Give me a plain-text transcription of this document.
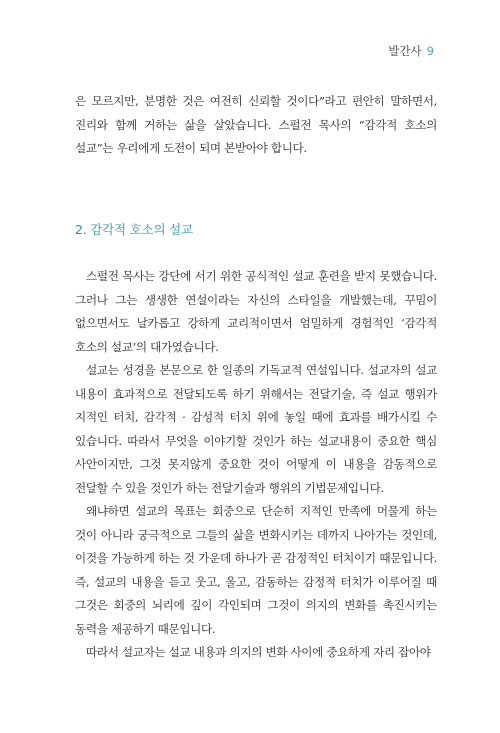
발간사 9

은 모르지만, 분명한 것은 여전히 신뢰할 것이다”라고 편안히 말하면서, 진리와 함께 거하는 삶을 살았습니다. 스펄전 목사의 “감각적 호소의 설교”는 우리에게 도전이 되며 본받아야 합니다.

2. 감각적 호소의 설교

스펄전 목사는 강단에 서기 위한 공식적인 설교 훈련을 받지 못했습니다. 그러나 그는 생생한 연설이라는 자신의 스타일을 개발했는데, 꾸밈이 없으면서도 날카롭고 강하게 교리적이면서 엄밀하게 경험적인 ‘감각적 호소의 설교’의 대가였습니다.

설교는 성경을 본문으로 한 일종의 기독교적 연설입니다. 설교자의 설교 내용이 효과적으로 전달되도록 하기 위해서는 전달기술, 즉 설교 행위가 지적인 터치, 감각적 · 감성적 터치 위에 놓일 때에 효과를 배가시킬 수 있습니다. 따라서 무엇을 이야기할 것인가 하는 설교내용이 중요한 핵심 사안이지만, 그것 못지않게 중요한 것이 어떻게 이 내용을 감동적으로 전달할 수 있을 것인가 하는 전달기술과 행위의 기법문제입니다.

왜냐하면 설교의 목표는 회중으로 단순히 지적인 만족에 머물게 하는 것이 아니라 궁극적으로 그들의 삶을 변화시키는 데까지 나아가는 것인데, 이것을 가능하게 하는 것 가운데 하나가 곧 감정적인 터치이기 때문입니다. 즉, 설교의 내용을 듣고 웃고, 울고, 감동하는 감정적 터치가 이루어질 때 그것은 회중의 뇌리에 깊이 각인되며 그것이 의지의 변화를 촉진시키는 동력을 제공하기 때문입니다.

따라서 설교자는 설교 내용과 의지의 변화 사이에 중요하게 자리 잡아야
